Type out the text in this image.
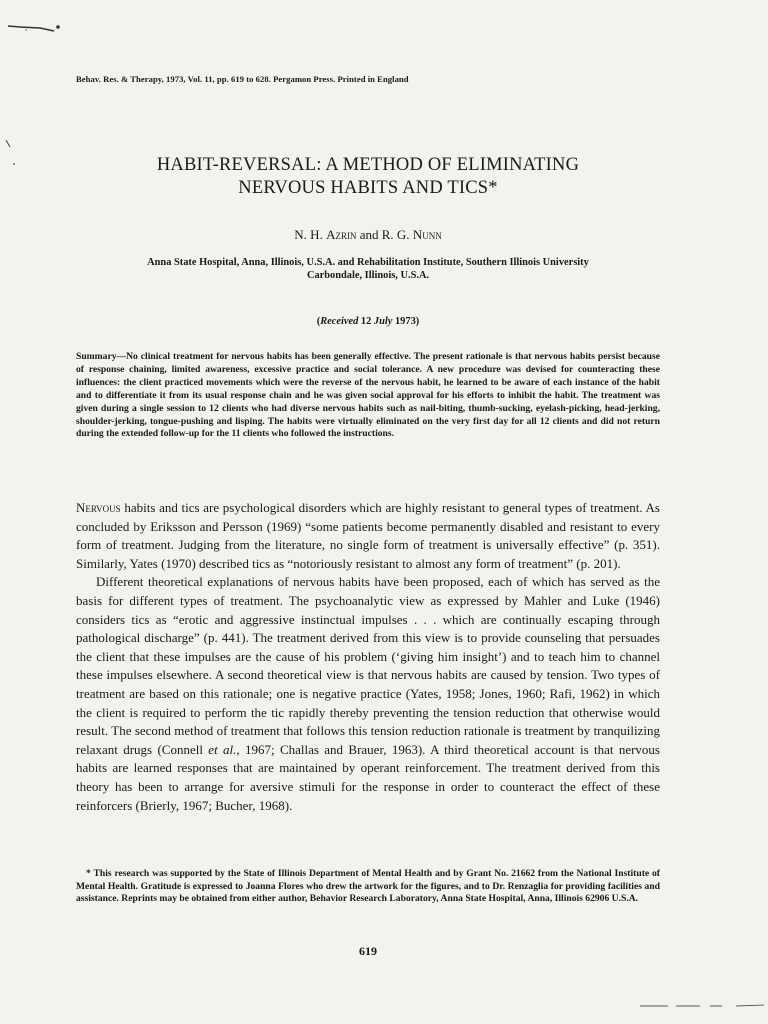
Behav. Res. & Therapy, 1973, Vol. 11, pp. 619 to 628. Pergamon Press. Printed in England
HABIT-REVERSAL: A METHOD OF ELIMINATING
NERVOUS HABITS AND TICS*
N. H. Azrin and R. G. Nunn
Anna State Hospital, Anna, Illinois, U.S.A. and Rehabilitation Institute, Southern Illinois University
Carbondale, Illinois, U.S.A.
(Received 12 July 1973)
Summary—No clinical treatment for nervous habits has been generally effective. The present rationale is that nervous habits persist because of response chaining, limited awareness, excessive practice and social tolerance. A new procedure was devised for counteracting these influences: the client practiced movements which were the reverse of the nervous habit, he learned to be aware of each instance of the habit and to differentiate it from its usual response chain and he was given social approval for his efforts to inhibit the habit. The treatment was given during a single session to 12 clients who had diverse nervous habits such as nail-biting, thumb-sucking, eyelash-picking, head-jerking, shoulder-jerking, tongue-pushing and lisping. The habits were virtually eliminated on the very first day for all 12 clients and did not return during the extended follow-up for the 11 clients who followed the instructions.

Nervous habits and tics are psychological disorders which are highly resistant to general types of treatment. As concluded by Eriksson and Persson (1969) “some patients become permanently disabled and resistant to every form of treatment. Judging from the literature, no single form of treatment is universally effective” (p. 351). Similarly, Yates (1970) described tics as “notoriously resistant to almost any form of treatment” (p. 201).

Different theoretical explanations of nervous habits have been proposed, each of which has served as the basis for different types of treatment. The psychoanalytic view as expressed by Mahler and Luke (1946) considers tics as “erotic and aggressive instinctual impulses . . . which are continually escaping through pathological discharge” (p. 441). The treatment derived from this view is to provide counseling that persuades the client that these impulses are the cause of his problem (‘giving him insight’) and to teach him to channel these impulses elsewhere. A second theoretical view is that nervous habits are caused by tension. Two types of treatment are based on this rationale; one is negative practice (Yates, 1958; Jones, 1960; Rafi, 1962) in which the client is required to perform the tic rapidly thereby preventing the tension reduction that otherwise would result. The second method of treatment that follows this tension reduction rationale is treatment by tranquilizing relaxant drugs (Connell et al., 1967; Challas and Brauer, 1963). A third theoretical account is that nervous habits are learned responses that are maintained by operant reinforcement. The treatment derived from this theory has been to arrange for aversive stimuli for the response in order to counteract the effect of these reinforcers (Brierly, 1967; Bucher, 1968).

* This research was supported by the State of Illinois Department of Mental Health and by Grant No. 21662 from the National Institute of Mental Health. Gratitude is expressed to Joanna Flores who drew the artwork for the figures, and to Dr. Renzaglia for providing facilities and assistance. Reprints may be obtained from either author, Behavior Research Laboratory, Anna State Hospital, Anna, Illinois 62906 U.S.A.

619
